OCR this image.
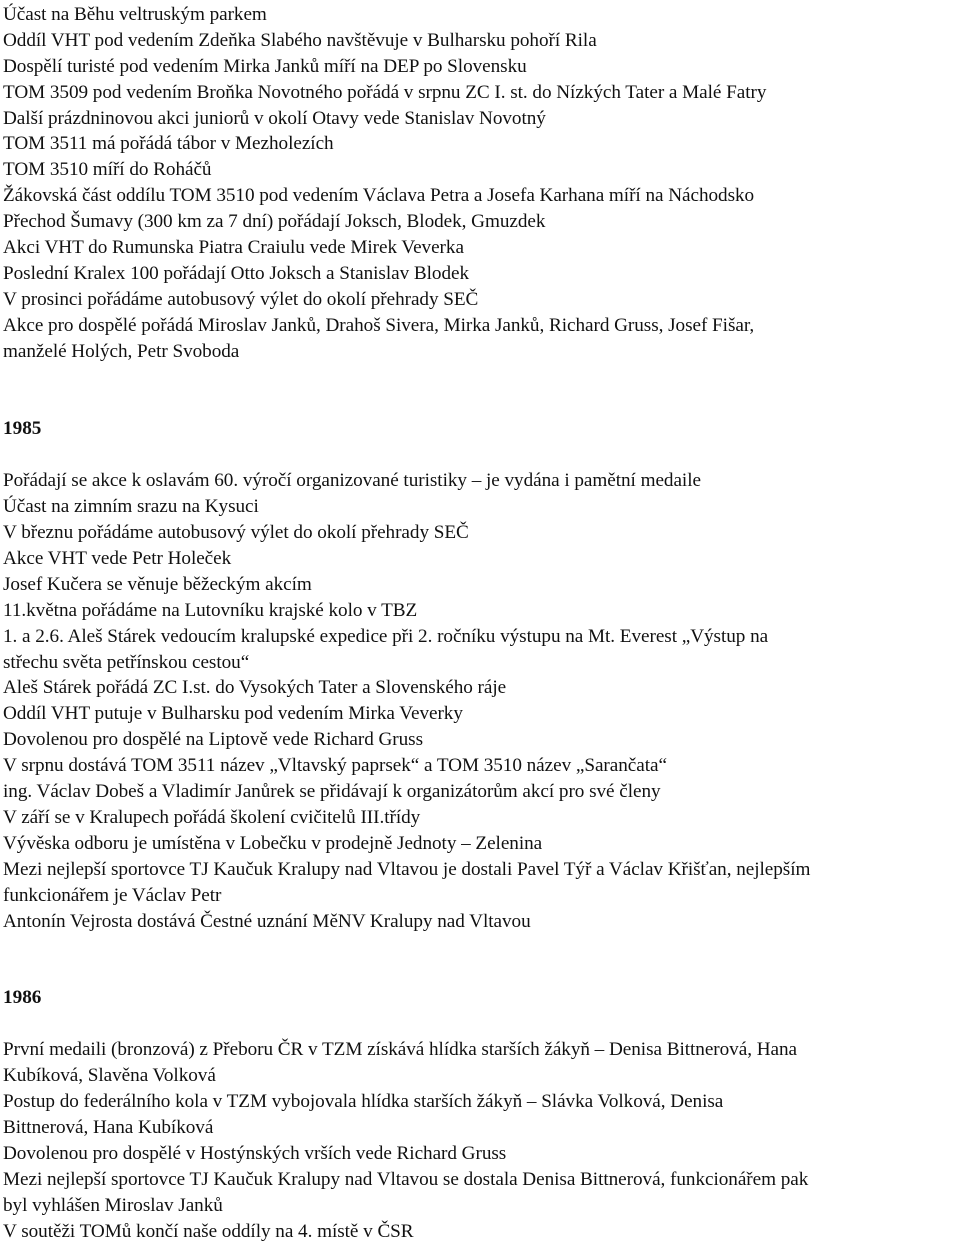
Účast na Běhu veltruským parkem
Oddíl VHT pod vedením Zdeňka Slabého navštěvuje v Bulharsku pohoří Rila
Dospělí turisté pod vedením Mirka Janků míří na DEP po Slovensku
TOM 3509 pod vedením Broňka Novotného pořádá v srpnu ZC I. st. do Nízkých Tater a Malé Fatry
Další prázdninovou akci juniorů v okolí Otavy vede Stanislav Novotný
TOM 3511 má pořádá tábor v Mezholezích
TOM 3510 míří do Roháčů
Žákovská část oddílu TOM 3510 pod vedením Václava Petra a Josefa Karhana míří na Náchodsko
Přechod Šumavy (300 km za 7 dní) pořádají Joksch, Blodek, Gmuzdek
Akci VHT do Rumunska Piatra Craiulu vede Mirek Veverka
Poslední Kralex 100 pořádají Otto Joksch a Stanislav Blodek
V prosinci pořádáme autobusový výlet do okolí přehrady SEČ
Akce pro dospělé pořádá Miroslav Janků, Drahoš Sivera, Mirka Janků, Richard Gruss, Josef Fišar,
manželé Holých, Petr Svoboda
1985
Pořádají se akce k oslavám 60. výročí organizované turistiky – je vydána i pamětní medaile
Účast na zimním srazu na Kysuci
V březnu pořádáme autobusový výlet do okolí přehrady SEČ
Akce VHT vede Petr Holeček
Josef Kučera se věnuje běžeckým akcím
11.května pořádáme na Lutovníku krajské kolo v TBZ
1. a 2.6. Aleš Stárek vedoucím kralupské expedice při 2. ročníku výstupu na Mt. Everest „Výstup na
střechu světa petřínskou cestou“
Aleš Stárek pořádá ZC I.st. do Vysokých Tater a Slovenského ráje
Oddíl VHT putuje v Bulharsku pod vedením Mirka Veverky
Dovolenou pro dospělé na Liptově vede Richard Gruss
V srpnu dostává TOM 3511 název „Vltavský paprsek“ a TOM 3510 název „Sarančata“
ing. Václav Dobeš a Vladimír Janůrek se přidávají k organizátorům akcí pro své členy
V září se v Kralupech pořádá školení cvičitelů III.třídy
Vývěska odboru je umístěna v Lobečku v prodejně Jednoty – Zelenina
Mezi nejlepší sportovce TJ Kaučuk Kralupy nad Vltavou je dostali Pavel Týř a Václav Křišťan, nejlepším
funkcionářem je Václav Petr
Antonín Vejrosta dostává Čestné uznání MěNV Kralupy nad Vltavou
1986
První medaili (bronzová) z Přeboru ČR v TZM získává hlídka starších žákyň – Denisa Bittnerová, Hana
Kubíková, Slavěna Volková
Postup do federálního kola v TZM vybojovala hlídka starších žákyň – Slávka Volková, Denisa
Bittnerová, Hana Kubíková
Dovolenou pro dospělé v Hostýnských vrších vede Richard Gruss
Mezi nejlepší sportovce TJ Kaučuk Kralupy nad Vltavou se dostala Denisa Bittnerová, funkcionářem pak
byl vyhlášen Miroslav Janků
V soutěži TOMů končí naše oddíly na 4. místě v ČSR
